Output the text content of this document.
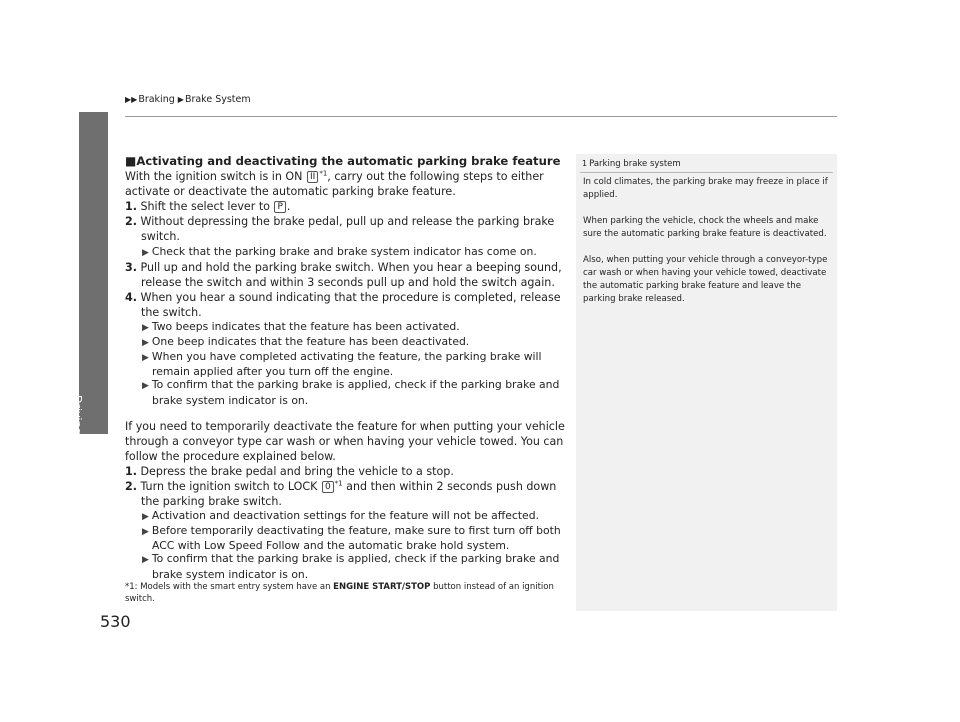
Driving
▶▶Braking ▶Brake System

■Activating and deactivating the automatic parking brake feature

With the ignition switch is in ON II $^{*1}$, carry out the following steps to either activate or deactivate the automatic parking brake feature.

1. Shift the select lever to P .

2. Without depressing the brake pedal, pull up and release the parking brake switch.

▶ Check that the parking brake and brake system indicator has come on.

3. Pull up and hold the parking brake switch. When you hear a beeping sound, release the switch and within 3 seconds pull up and hold the switch again.

4. When you hear a sound indicating that the procedure is completed, release the switch.

▶ Two beeps indicates that the feature has been activated.

▶ One beep indicates that the feature has been deactivated.

▶ When you have completed activating the feature, the parking brake will remain applied after you turn off the engine.

▶ To confirm that the parking brake is applied, check if the parking brake and brake system indicator is on.

If you need to temporarily deactivate the feature for when putting your vehicle through a conveyor type car wash or when having your vehicle towed. You can follow the procedure explained below.

1. Depress the brake pedal and bring the vehicle to a stop.

2. Turn the ignition switch to LOCK 0 $^{*1}$ and then within 2 seconds push down the parking brake switch.

▶ Activation and deactivation settings for the feature will not be affected.

▶ Before temporarily deactivating the feature, make sure to first turn off both ACC with Low Speed Follow and the automatic brake hold system.

▶ To confirm that the parking brake is applied, check if the parking brake and brake system indicator is on.

*1: Models with the smart entry system have an ENGINE START/STOP button instead of an ignition switch.

1 Parking brake system

In cold climates, the parking brake may freeze in place if applied.

When parking the vehicle, chock the wheels and make sure the automatic parking brake feature is deactivated.

Also, when putting your vehicle through a conveyor-type car wash or when having your vehicle towed, deactivate the automatic parking brake feature and leave the parking brake released.

530
